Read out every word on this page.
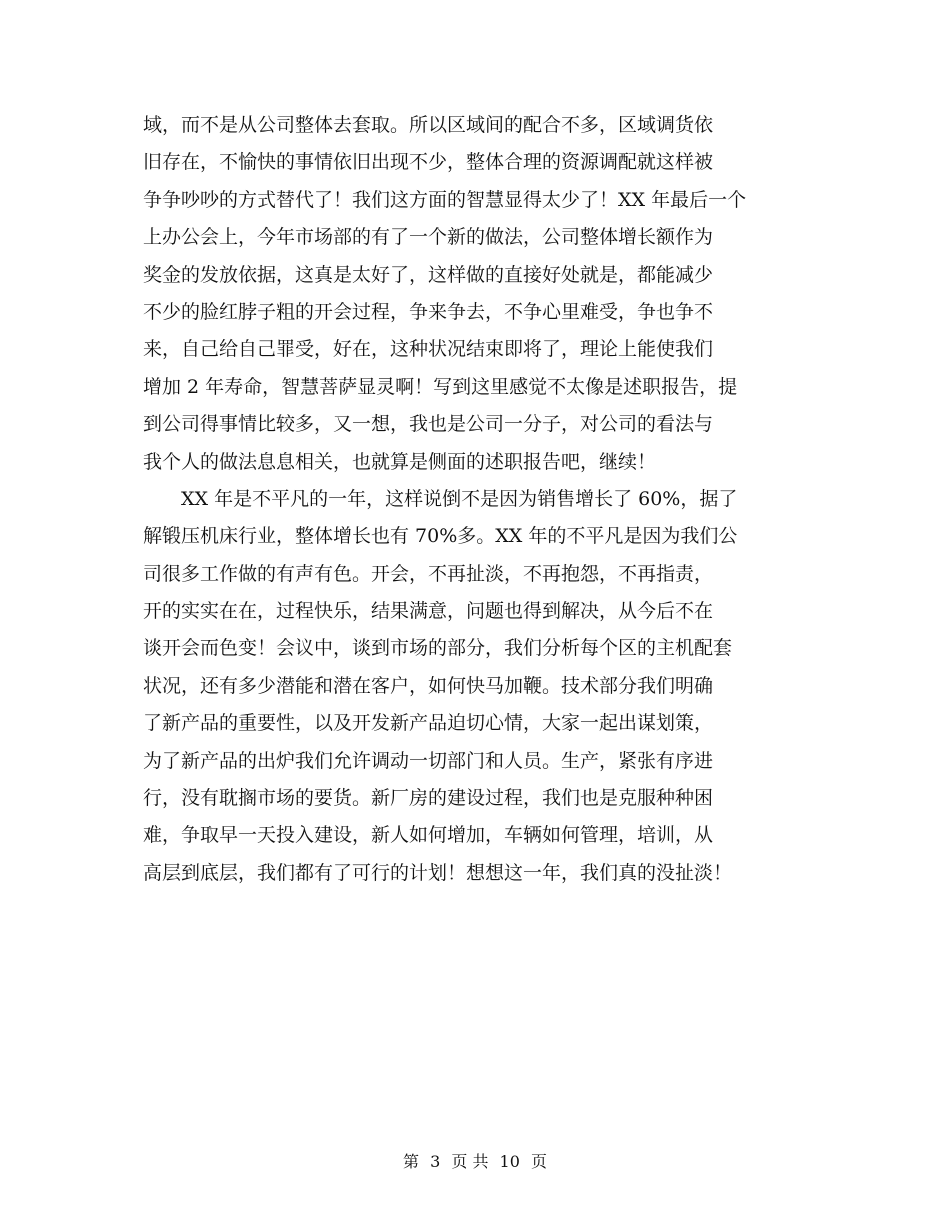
域，而不是从公司整体去套取。所以区域间的配合不多，区域调货依
旧存在，不愉快的事情依旧出现不少，整体合理的资源调配就这样被
争争吵吵的方式替代了！我们这方面的智慧显得太少了！XX 年最后一个
上办公会上，今年市场部的有了一个新的做法，公司整体增长额作为
奖金的发放依据，这真是太好了，这样做的直接好处就是，都能减少
不少的脸红脖子粗的开会过程，争来争去，不争心里难受，争也争不
来，自己给自己罪受，好在，这种状况结束即将了，理论上能使我们
增加 2 年寿命，智慧菩萨显灵啊！写到这里感觉不太像是述职报告，提
到公司得事情比较多，又一想，我也是公司一分子，对公司的看法与
我个人的做法息息相关，也就算是侧面的述职报告吧，继续！
　　XX 年是不平凡的一年，这样说倒不是因为销售增长了 60%，据了
解锻压机床行业，整体增长也有 70%多。XX 年的不平凡是因为我们公
司很多工作做的有声有色。开会，不再扯淡，不再抱怨，不再指责，
开的实实在在，过程快乐，结果满意，问题也得到解决，从今后不在
谈开会而色变！会议中，谈到市场的部分，我们分析每个区的主机配套
状况，还有多少潜能和潜在客户，如何快马加鞭。技术部分我们明确
了新产品的重要性，以及开发新产品迫切心情，大家一起出谋划策，
为了新产品的出炉我们允许调动一切部门和人员。生产，紧张有序进
行，没有耽搁市场的要货。新厂房的建设过程，我们也是克服种种困
难，争取早一天投入建设，新人如何增加，车辆如何管理，培训，从
高层到底层，我们都有了可行的计划！想想这一年，我们真的没扯淡！
第 3 页 共 10 页
